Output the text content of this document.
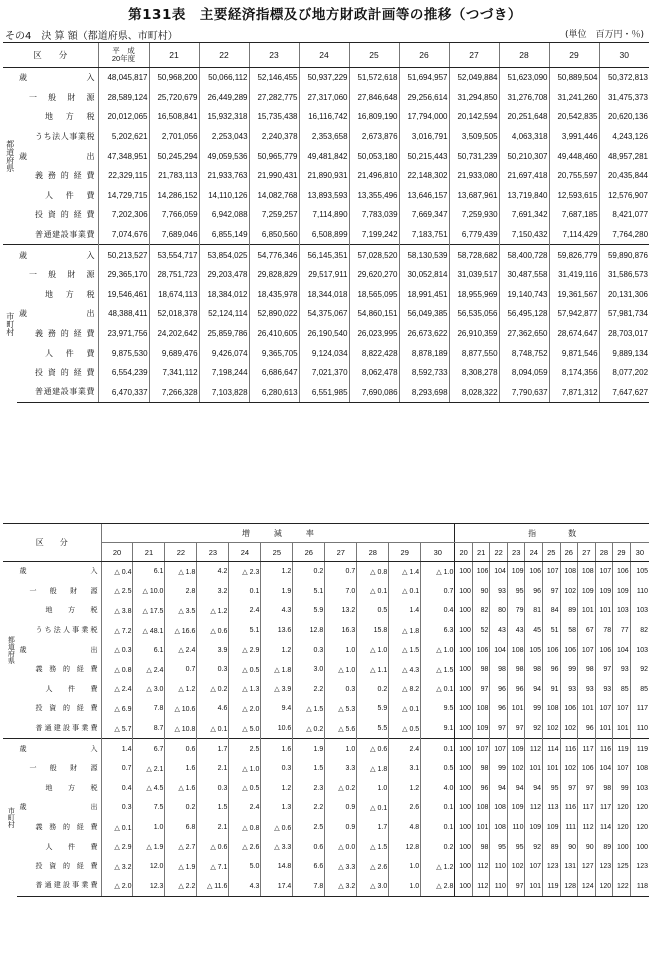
第131表　主要経済指標及び地方財政計画等の推移（つづき）
その4　決 算 額（都道府県、市町村）	(単位　百万円・％)
区　　分		平　成
20年度	21	22	23	24	25	26	27	28	29	30
都道府県	歳　　入	48,045,817	50,968,200	50,066,112	52,146,455	50,937,229	51,572,618	51,694,957	52,049,884	51,623,090	50,889,504	50,372,813
	一般財源	28,589,124	25,720,679	26,449,289	27,282,775	27,317,060	27,846,648	29,256,614	31,294,850	31,276,708	31,241,260	31,475,373
	地方税	20,012,065	16,508,841	15,932,318	15,735,438	16,116,742	16,809,190	17,794,000	20,142,594	20,251,648	20,542,835	20,620,136
	うち法人事業税	5,202,621	2,701,056	2,253,043	2,240,378	2,353,658	2,673,876	3,016,791	3,509,505	4,063,318	3,991,446	4,243,126
	歳　　出	47,348,951	50,245,294	49,059,536	50,965,779	49,481,842	50,053,180	50,215,443	50,731,239	50,210,307	49,448,460	48,957,281
	義務的経費	22,329,115	21,783,113	21,933,763	21,990,431	21,890,931	21,496,810	22,148,302	21,933,080	21,697,418	20,755,597	20,435,844
	人件費	14,729,715	14,286,152	14,110,126	14,082,768	13,893,593	13,355,496	13,646,157	13,687,961	13,719,840	12,593,615	12,576,907
	投資的経費	7,202,306	7,766,059	6,942,088	7,259,257	7,114,890	7,783,039	7,669,347	7,259,930	7,691,342	7,687,185	8,421,077
	普通建設事業費	7,074,676	7,689,046	6,855,149	6,850,560	6,508,899	7,199,242	7,183,751	6,779,439	7,150,432	7,114,429	7,764,280
市町村	歳　　入	50,213,527	53,554,717	53,854,025	54,776,346	56,145,351	57,028,520	58,130,539	58,728,682	58,400,728	59,826,779	59,890,876
	一般財源	29,365,170	28,751,723	29,203,478	29,828,829	29,517,911	29,620,270	30,052,814	31,039,517	30,487,558	31,419,116	31,586,573
	地方税	19,546,461	18,674,113	18,384,012	18,435,978	18,344,018	18,565,095	18,991,451	18,955,969	19,140,743	19,361,567	20,131,306
	歳　　出	48,388,411	52,018,378	52,124,114	52,890,022	54,375,067	54,860,151	56,049,385	56,535,056	56,495,128	57,942,877	57,981,734
	義務的経費	23,971,756	24,202,642	25,859,786	26,410,605	26,190,540	26,023,995	26,673,622	26,910,359	27,362,650	28,674,647	28,703,017
	人件費	9,875,530	9,689,476	9,426,074	9,365,705	9,124,034	8,822,428	8,878,189	8,877,550	8,748,752	9,871,546	9,889,134
	投資的経費	6,554,239	7,341,112	7,198,244	6,686,647	7,021,370	8,062,478	8,592,733	8,308,278	8,094,059	8,174,356	8,077,202
	普通建設事業費	6,470,337	7,266,328	7,103,828	6,280,613	6,551,985	7,690,086	8,293,698	8,028,322	7,790,637	7,871,312	7,647,627
区　　分		増　　　減　　　率											指　　　　数										
		20	21	22	23	24	25	26	27	28	29	30	20	21	22	23	24	25	26	27	28	29	30
都道府県	歳　　入	△ 0.4	6.1	△ 1.8	4.2	△ 2.3	1.2	0.2	0.7	△ 0.8	△ 1.4	△ 1.0	100	106	104	109	106	107	108	108	107	106	105
	一般財源	△ 2.5	△ 10.0	2.8	3.2	0.1	1.9	5.1	7.0	△ 0.1	△ 0.1	0.7	100	90	93	95	96	97	102	109	109	109	110
	地方税	△ 3.8	△ 17.5	△ 3.5	△ 1.2	2.4	4.3	5.9	13.2	0.5	1.4	0.4	100	82	80	79	81	84	89	101	101	103	103
	うち法人事業税	△ 7.2	△ 48.1	△ 16.6	△ 0.6	5.1	13.6	12.8	16.3	15.8	△ 1.8	6.3	100	52	43	43	45	51	58	67	78	77	82
	歳　　出	△ 0.3	6.1	△ 2.4	3.9	△ 2.9	1.2	0.3	1.0	△ 1.0	△ 1.5	△ 1.0	100	106	104	108	105	106	106	107	106	104	103
	義務的経費	△ 0.8	△ 2.4	0.7	0.3	△ 0.5	△ 1.8	3.0	△ 1.0	△ 1.1	△ 4.3	△ 1.5	100	98	98	98	98	96	99	98	97	93	92
	人件費	△ 2.4	△ 3.0	△ 1.2	△ 0.2	△ 1.3	△ 3.9	2.2	0.3	0.2	△ 8.2	△ 0.1	100	97	96	96	94	91	93	93	93	85	85
	投資的経費	△ 6.9	7.8	△ 10.6	4.6	△ 2.0	9.4	△ 1.5	△ 5.3	5.9	△ 0.1	9.5	100	108	96	101	99	108	106	101	107	107	117
	普通建設事業費	△ 5.7	8.7	△ 10.8	△ 0.1	△ 5.0	10.6	△ 0.2	△ 5.6	5.5	△ 0.5	9.1	100	109	97	97	92	102	102	96	101	101	110
市町村	歳　　入	1.4	6.7	0.6	1.7	2.5	1.6	1.9	1.0	△ 0.6	2.4	0.1	100	107	107	109	112	114	116	117	116	119	119
	一般財源	0.7	△ 2.1	1.6	2.1	△ 1.0	0.3	1.5	3.3	△ 1.8	3.1	0.5	100	98	99	102	101	101	102	106	104	107	108
	地方税	0.4	△ 4.5	△ 1.6	0.3	△ 0.5	1.2	2.3	△ 0.2	1.0	1.2	4.0	100	96	94	94	94	95	97	97	98	99	103
	歳　　出	0.3	7.5	0.2	1.5	2.4	1.3	2.2	0.9	△ 0.1	2.6	0.1	100	108	108	109	112	113	116	117	117	120	120
	義務的経費	△ 0.1	1.0	6.8	2.1	△ 0.8	△ 0.6	2.5	0.9	1.7	4.8	0.1	100	101	108	110	109	109	111	112	114	120	120
	人件費	△ 2.9	△ 1.9	△ 2.7	△ 0.6	△ 2.6	△ 3.3	0.6	△ 0.0	△ 1.5	12.8	0.2	100	98	95	95	92	89	90	90	89	100	100
	投資的経費	△ 3.2	12.0	△ 1.9	△ 7.1	5.0	14.8	6.6	△ 3.3	△ 2.6	1.0	△ 1.2	100	112	110	102	107	123	131	127	123	125	123
	普通建設事業費	△ 2.0	12.3	△ 2.2	△ 11.6	4.3	17.4	7.8	△ 3.2	△ 3.0	1.0	△ 2.8	100	112	110	97	101	119	128	124	120	122	118
